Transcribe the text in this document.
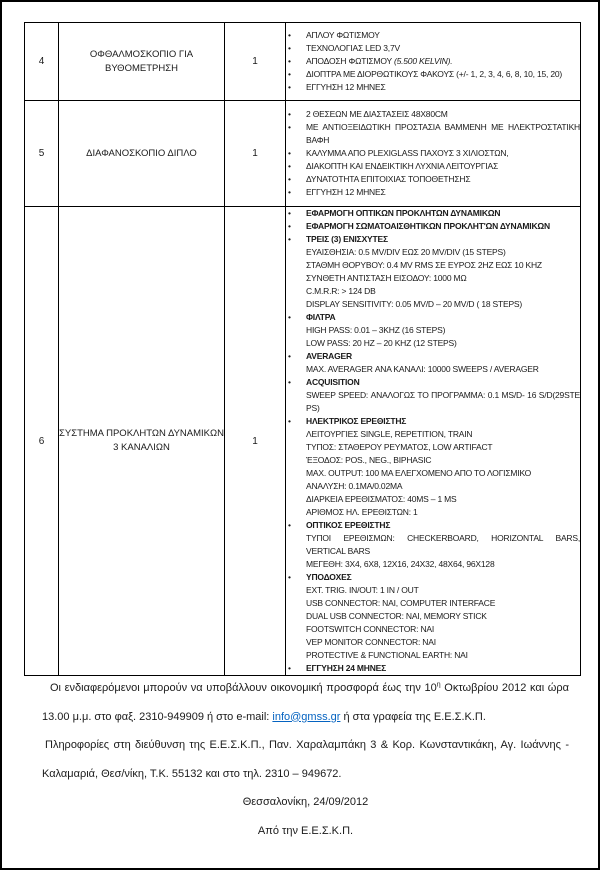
4	ΟΦΘΑΛΜΟΣΚΟΠΙΟ ΓΙΑ ΒΥΘΟΜΕΤΡΗΣΗ	1	
•	ΑΠΛΟΥ ΦΩΤΙΣΜΟΥ
•	ΤΕΧΝΟΛΟΓΙΑΣ LED 3,7V
•	ΑΠΟΔΟΣΗ ΦΩΤΙΣΜΟΥ (5.500 KELVIN).
•	ΔΙΟΠΤΡΑ ΜΕ ΔΙΟΡΘΩΤΙΚΟΥΣ ΦΑΚΟΥΣ (+/- 1, 2, 3, 4, 6, 8, 10, 15, 20)
•	ΕΓΓΥΗΣΗ 12 ΜΗΝΕΣ

5	ΔΙΑΦΑΝΟΣΚΟΠΙΟ ΔΙΠΛΟ	1	
•	2 ΘΕΣΕΩΝ ΜΕ ΔΙΑΣΤΑΣΕΙΣ 48Χ80CM
•	ΜΕ ΑΝΤΙΟΞΕΙΔΩΤΙΚΗ ΠΡΟΣΤΑΣΙΑ ΒΑΜΜΕΝΗ ΜΕ ΗΛΕΚΤΡΟΣΤΑΤΙΚΗ ΒΑΦΗ
•	ΚΑΛΥΜΜΑ ΑΠΟ PLEXIGLASS ΠΑΧΟΥΣ 3 ΧΙΛΙΟΣΤΩΝ,
•	ΔΙΑΚΟΠΤΗ ΚΑΙ ΕΝΔΕΙΚΤΙΚΗ ΛΥΧΝΙΑ ΛΕΙΤΟΥΡΓΙΑΣ
•	ΔΥΝΑΤΟΤΗΤΑ ΕΠΙΤΟΙΧΙΑΣ ΤΟΠΟΘΕΤΗΣΗΣ
•	ΕΓΓΥΗΣΗ 12 ΜΗΝΕΣ

6	ΣΥΣΤΗΜΑ ΠΡΟΚΛΗΤΩΝ ΔΥΝΑΜΙΚΩΝ 3 ΚΑΝΑΛΙΩΝ	1	
•	ΕΦΑΡΜΟΓΗ ΟΠΤΙΚΩΝ ΠΡΟΚΛΗΤΩΝ ΔΥΝΑΜΙΚΩΝ
•	ΕΦΑΡΜΟΓΗ ΣΩΜΑΤΟΑΙΣΘΗΤΙΚΩΝ ΠΡΟΚΛΗΤ'ΩΝ ΔΥΝΑΜΙΚΩΝ
•	ΤΡΕΙΣ (3) ΕΝΙΣΧΥΤΕΣ
ΕΥΑΙΣΘΗΣΙΑ: 0.5 MV/DIV ΕΩΣ 20 MV/DIV (15 STEPS)
ΣΤΑΘΜΗ ΘΟΡΥΒΟΥ: 0.4 MV RMS ΣΕ ΕΥΡΟΣ 2HZ ΕΩΣ 10 KHZ
ΣΥΝΘΕΤΗ ΑΝΤΙΣΤΑΣΗ ΕΙΣΟΔΟΥ: 1000 ΜΩ
C.M.R.R: > 124 DB
DISPLAY SENSITIVITY: 0.05 MV/D – 20 MV/D ( 18 STEPS)
•	ΦΙΛΤΡΑ
HIGH PASS: 0.01 – 3KHZ (16 STEPS)
LOW PASS: 20 HZ – 20 KHZ (12 STEPS)
•	AVERAGER
MAX. AVERAGER ΑΝΑ ΚΑΝΑΛΙ: 10000 SWEEPS / AVERAGER
•	ACQUISITION
SWEEP SPEED: ΑΝΑΛΟΓΩΣ ΤΟ ΠΡΟΓΡΑΜΜΑ: 0.1 MS/D- 16 S/D(29STE PS)
•	ΗΛΕΚΤΡΙΚΟΣ ΕΡΕΘΙΣΤΗΣ
ΛΕΙΤΟΥΡΓΙΕΣ SINGLE, REPETITION, TRAIN
ΤΥΠΟΣ: ΣΤΑΘΕΡΟΥ ΡΕΥΜΑΤΟΣ, LOW ARTIFACT
ΈΞΟΔΟΣ: POS., NEG., BIPHASIC
MAX. OUTPUT: 100 MA ΕΛΕΓΧΟΜΕΝΟ ΑΠΟ ΤΟ ΛΟΓΙΣΜΙΚΟ
ΑΝΑΛΥΣΗ: 0.1ΜΑ/0.02ΜΑ
ΔΙΑΡΚΕΙΑ ΕΡΕΘΙΣΜΑΤΟΣ: 40MS – 1 MS
ΑΡΙΘΜΟΣ ΗΛ. ΕΡΕΘΙΣΤΩΝ: 1
•	ΟΠΤΙΚΟΣ ΕΡΕΘΙΣΤΗΣ
ΤΥΠΟΙ ΕΡΕΘΙΣΜΩΝ: CHECKERBOARD, HORIZONTAL BARS, VERTICAL BARS
ΜΕΓΕΘΗ: 3Χ4, 6Χ8, 12Χ16, 24Χ32, 48Χ64, 96Χ128
•	ΥΠΟΔΟΧΕΣ
EXT. TRIG. IN/OUT: 1 IN / OUT
USB CONNECTOR: ΝΑΙ, COMPUTER INTERFACE
DUAL USB CONNECTOR: ΝΑΙ, MEMORY STICK
FOOTSWITCH CONNECTOR: ΝΑΙ
VEP MONITOR CONNECTOR: ΝΑΙ
PROTECTIVE & FUNCTIONAL EARTH: ΝΑΙ
•	ΕΓΓΥΗΣΗ 24 ΜΗΝΕΣ

Οι ενδιαφερόμενοι μπορούν να υποβάλλουν οικονομική προσφορά έως την $10^\eta$ Οκτωβρίου 2012 και ώρα 13.00 μ.μ. στο φαξ. 2310-949909 ή στο e-mail: info@gmss.gr ή στα γραφεία της Ε.Ε.Σ.Κ.Π.

Πληροφορίες στη διεύθυνση της Ε.Ε.Σ.Κ.Π., Παν. Χαραλαμπάκη 3 & Κορ. Κωνσταντικάκη, Αγ. Ιωάννης - Καλαμαριά, Θεσ/νίκη, Τ.Κ. 55132 και στο τηλ. 2310 – 949672.

Θεσσαλονίκη, 24/09/2012

Από την Ε.Ε.Σ.Κ.Π.
